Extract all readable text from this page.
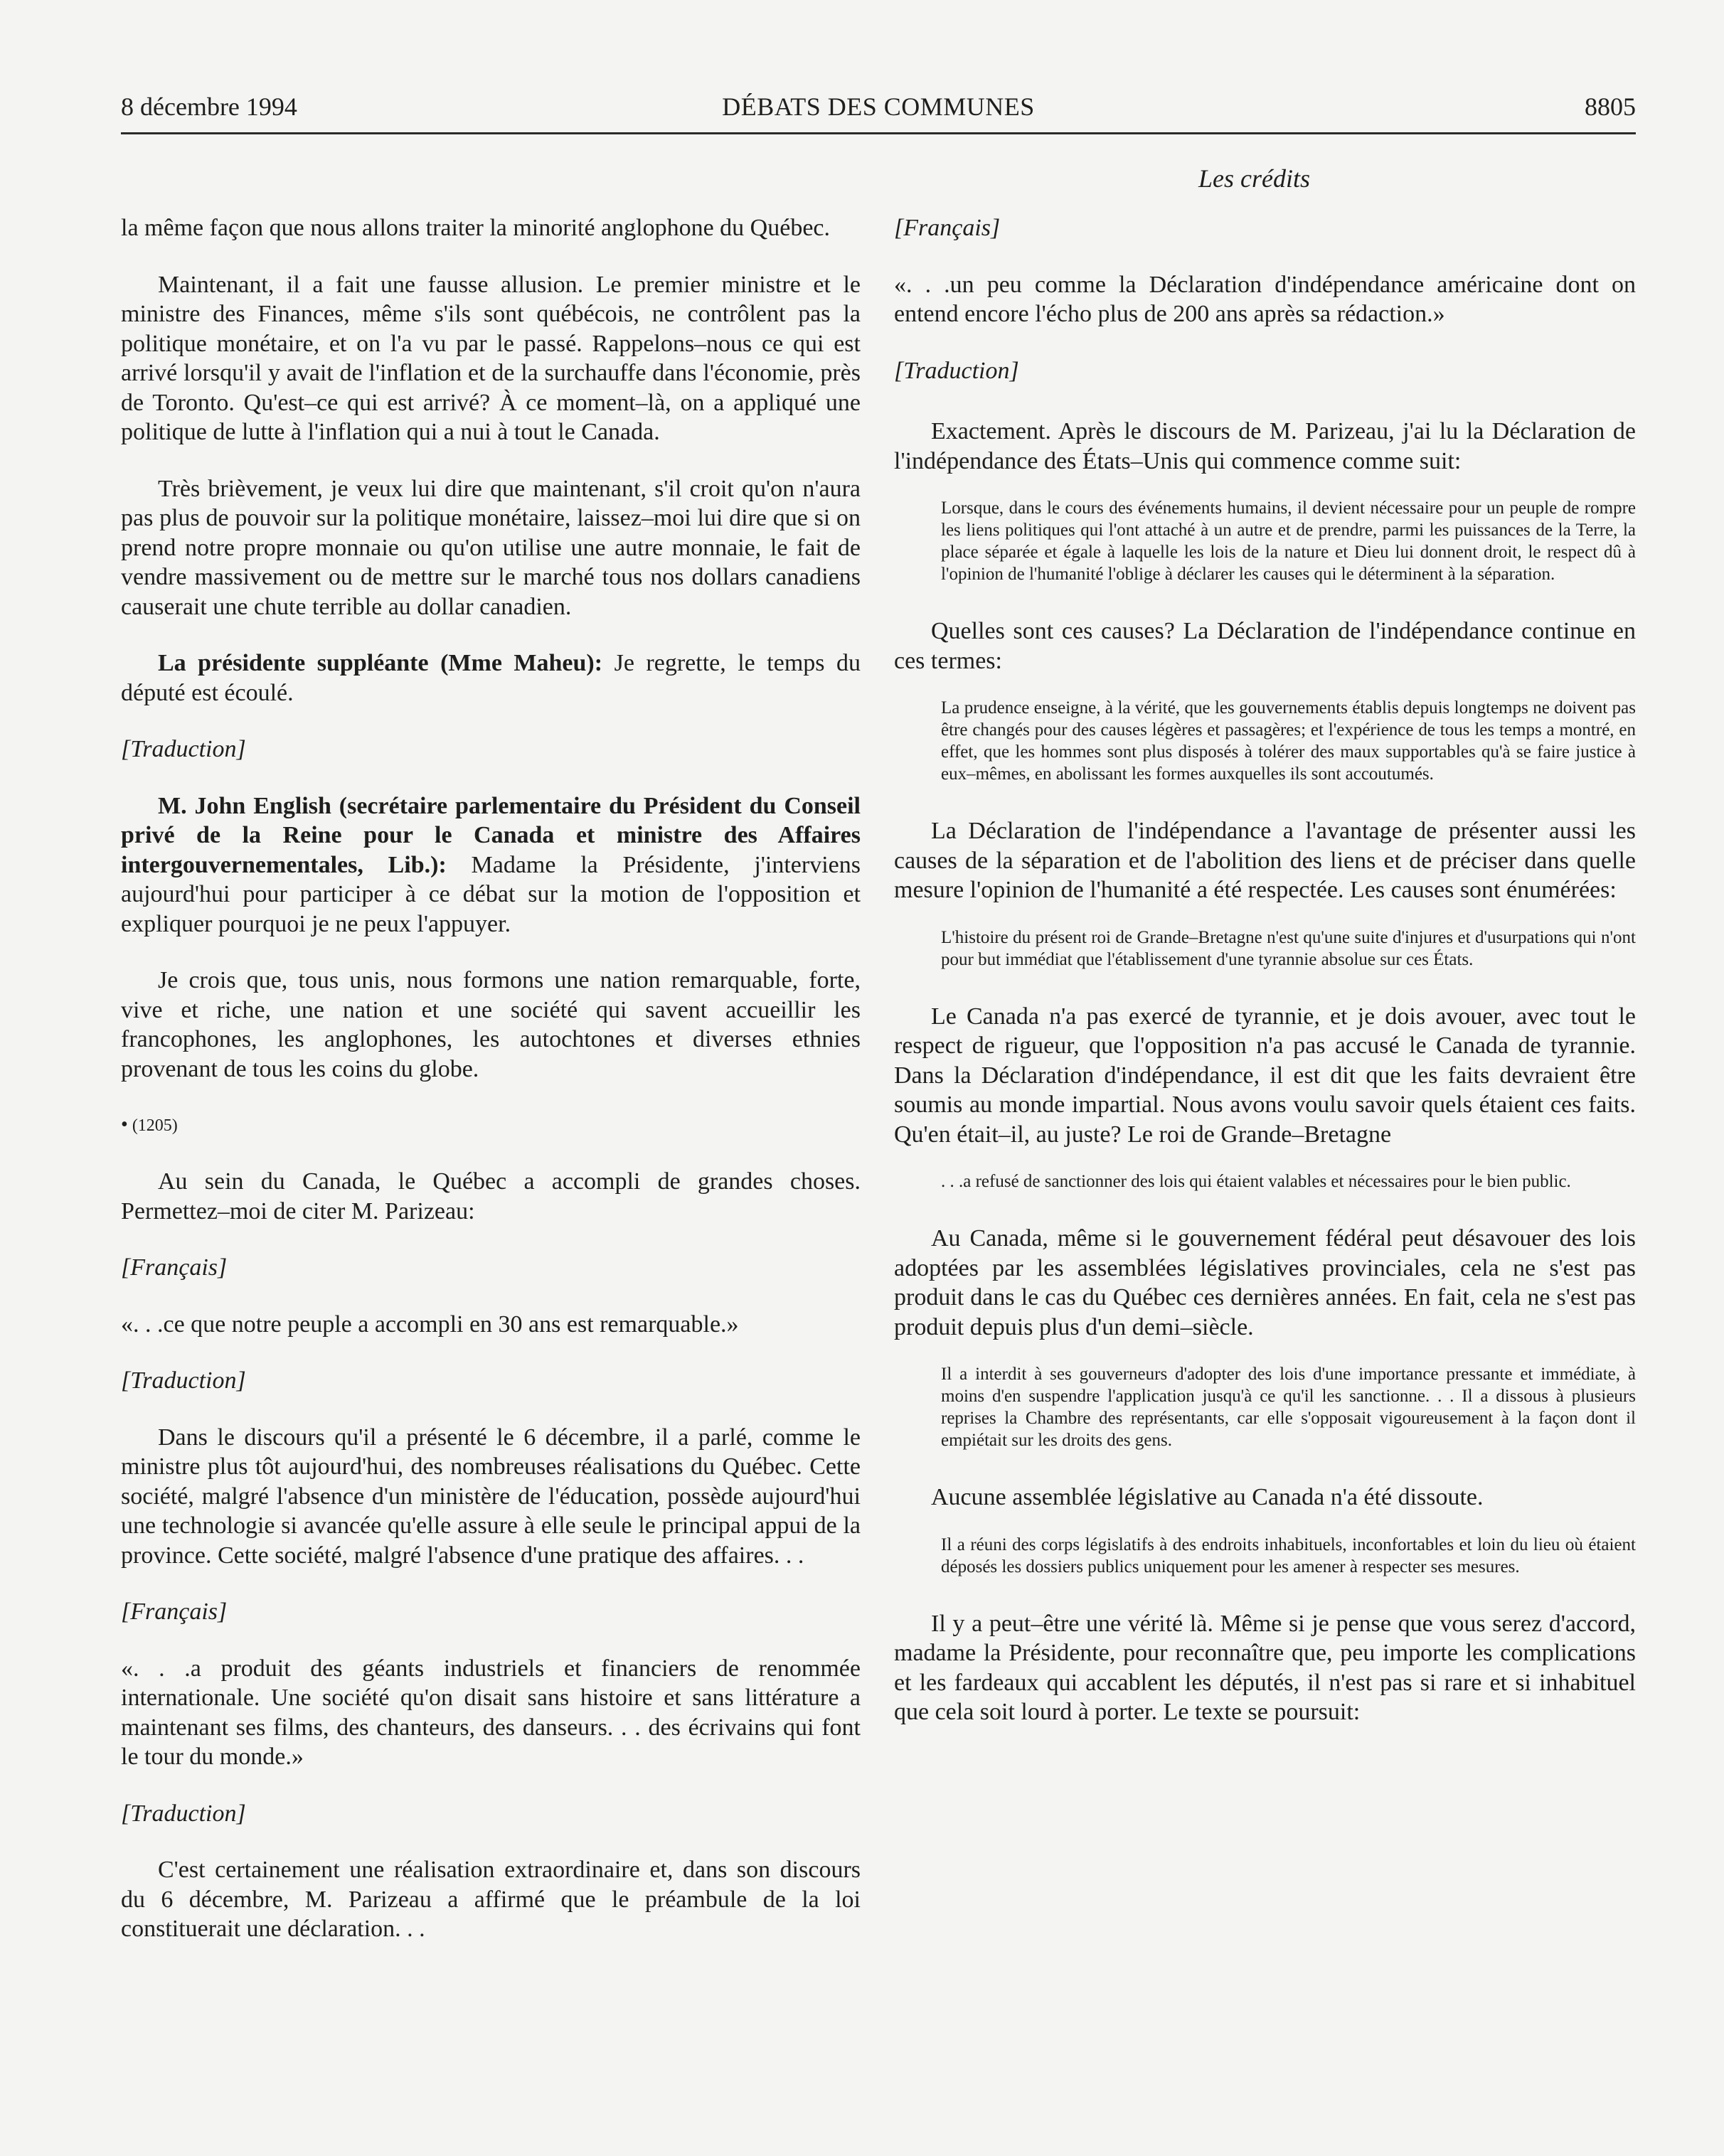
8 décembre 1994	DÉBATS DES COMMUNES	8805
Les crédits

la même façon que nous allons traiter la minorité anglophone du Québec.

Maintenant, il a fait une fausse allusion. Le premier ministre et le ministre des Finances, même s'ils sont québécois, ne contrôlent pas la politique monétaire, et on l'a vu par le passé. Rappelons–nous ce qui est arrivé lorsqu'il y avait de l'inflation et de la surchauffe dans l'économie, près de Toronto. Qu'est–ce qui est arrivé? À ce moment–là, on a appliqué une politique de lutte à l'inflation qui a nui à tout le Canada.

Très brièvement, je veux lui dire que maintenant, s'il croit qu'on n'aura pas plus de pouvoir sur la politique monétaire, laissez–moi lui dire que si on prend notre propre monnaie ou qu'on utilise une autre monnaie, le fait de vendre massivement ou de mettre sur le marché tous nos dollars canadiens causerait une chute terrible au dollar canadien.

La présidente suppléante (Mme Maheu): Je regrette, le temps du député est écoulé.

[Traduction]

M. John English (secrétaire parlementaire du Président du Conseil privé de la Reine pour le Canada et ministre des Affaires intergouvernementales, Lib.): Madame la Présidente, j'interviens aujourd'hui pour participer à ce débat sur la motion de l'opposition et expliquer pourquoi je ne peux l'appuyer.

Je crois que, tous unis, nous formons une nation remarquable, forte, vive et riche, une nation et une société qui savent accueillir les francophones, les anglophones, les autochtones et diverses ethnies provenant de tous les coins du globe.

• (1205)

Au sein du Canada, le Québec a accompli de grandes choses. Permettez–moi de citer M. Parizeau:

[Français]

«. . .ce que notre peuple a accompli en 30 ans est remarquable.»

[Traduction]

Dans le discours qu'il a présenté le 6 décembre, il a parlé, comme le ministre plus tôt aujourd'hui, des nombreuses réalisations du Québec. Cette société, malgré l'absence d'un ministère de l'éducation, possède aujourd'hui une technologie si avancée qu'elle assure à elle seule le principal appui de la province. Cette société, malgré l'absence d'une pratique des affaires. . .

[Français]

«. . .a produit des géants industriels et financiers de renommée internationale. Une société qu'on disait sans histoire et sans littérature a maintenant ses films, des chanteurs, des danseurs. . . des écrivains qui font le tour du monde.»

[Traduction]

C'est certainement une réalisation extraordinaire et, dans son discours du 6 décembre, M. Parizeau a affirmé que le préambule de la loi constituerait une déclaration. . .

[Français]

«. . .un peu comme la Déclaration d'indépendance américaine dont on entend encore l'écho plus de 200 ans après sa rédaction.»

[Traduction]

Exactement. Après le discours de M. Parizeau, j'ai lu la Déclaration de l'indépendance des États–Unis qui commence comme suit:

Lorsque, dans le cours des événements humains, il devient nécessaire pour un peuple de rompre les liens politiques qui l'ont attaché à un autre et de prendre, parmi les puissances de la Terre, la place séparée et égale à laquelle les lois de la nature et Dieu lui donnent droit, le respect dû à l'opinion de l'humanité l'oblige à déclarer les causes qui le déterminent à la séparation.

Quelles sont ces causes? La Déclaration de l'indépendance continue en ces termes:

La prudence enseigne, à la vérité, que les gouvernements établis depuis longtemps ne doivent pas être changés pour des causes légères et passagères; et l'expérience de tous les temps a montré, en effet, que les hommes sont plus disposés à tolérer des maux supportables qu'à se faire justice à eux–mêmes, en abolissant les formes auxquelles ils sont accoutumés.

La Déclaration de l'indépendance a l'avantage de présenter aussi les causes de la séparation et de l'abolition des liens et de préciser dans quelle mesure l'opinion de l'humanité a été respectée. Les causes sont énumérées:

L'histoire du présent roi de Grande–Bretagne n'est qu'une suite d'injures et d'usurpations qui n'ont pour but immédiat que l'établissement d'une tyrannie absolue sur ces États.

Le Canada n'a pas exercé de tyrannie, et je dois avouer, avec tout le respect de rigueur, que l'opposition n'a pas accusé le Canada de tyrannie. Dans la Déclaration d'indépendance, il est dit que les faits devraient être soumis au monde impartial. Nous avons voulu savoir quels étaient ces faits. Qu'en était–il, au juste? Le roi de Grande–Bretagne

. . .a refusé de sanctionner des lois qui étaient valables et nécessaires pour le bien public.

Au Canada, même si le gouvernement fédéral peut désavouer des lois adoptées par les assemblées législatives provinciales, cela ne s'est pas produit dans le cas du Québec ces dernières années. En fait, cela ne s'est pas produit depuis plus d'un demi–siècle.

Il a interdit à ses gouverneurs d'adopter des lois d'une importance pressante et immédiate, à moins d'en suspendre l'application jusqu'à ce qu'il les sanctionne. . . Il a dissous à plusieurs reprises la Chambre des représentants, car elle s'opposait vigoureusement à la façon dont il empiétait sur les droits des gens.

Aucune assemblée législative au Canada n'a été dissoute.

Il a réuni des corps législatifs à des endroits inhabituels, inconfortables et loin du lieu où étaient déposés les dossiers publics uniquement pour les amener à respecter ses mesures.

Il y a peut–être une vérité là. Même si je pense que vous serez d'accord, madame la Présidente, pour reconnaître que, peu importe les complications et les fardeaux qui accablent les députés, il n'est pas si rare et si inhabituel que cela soit lourd à porter. Le texte se poursuit:
